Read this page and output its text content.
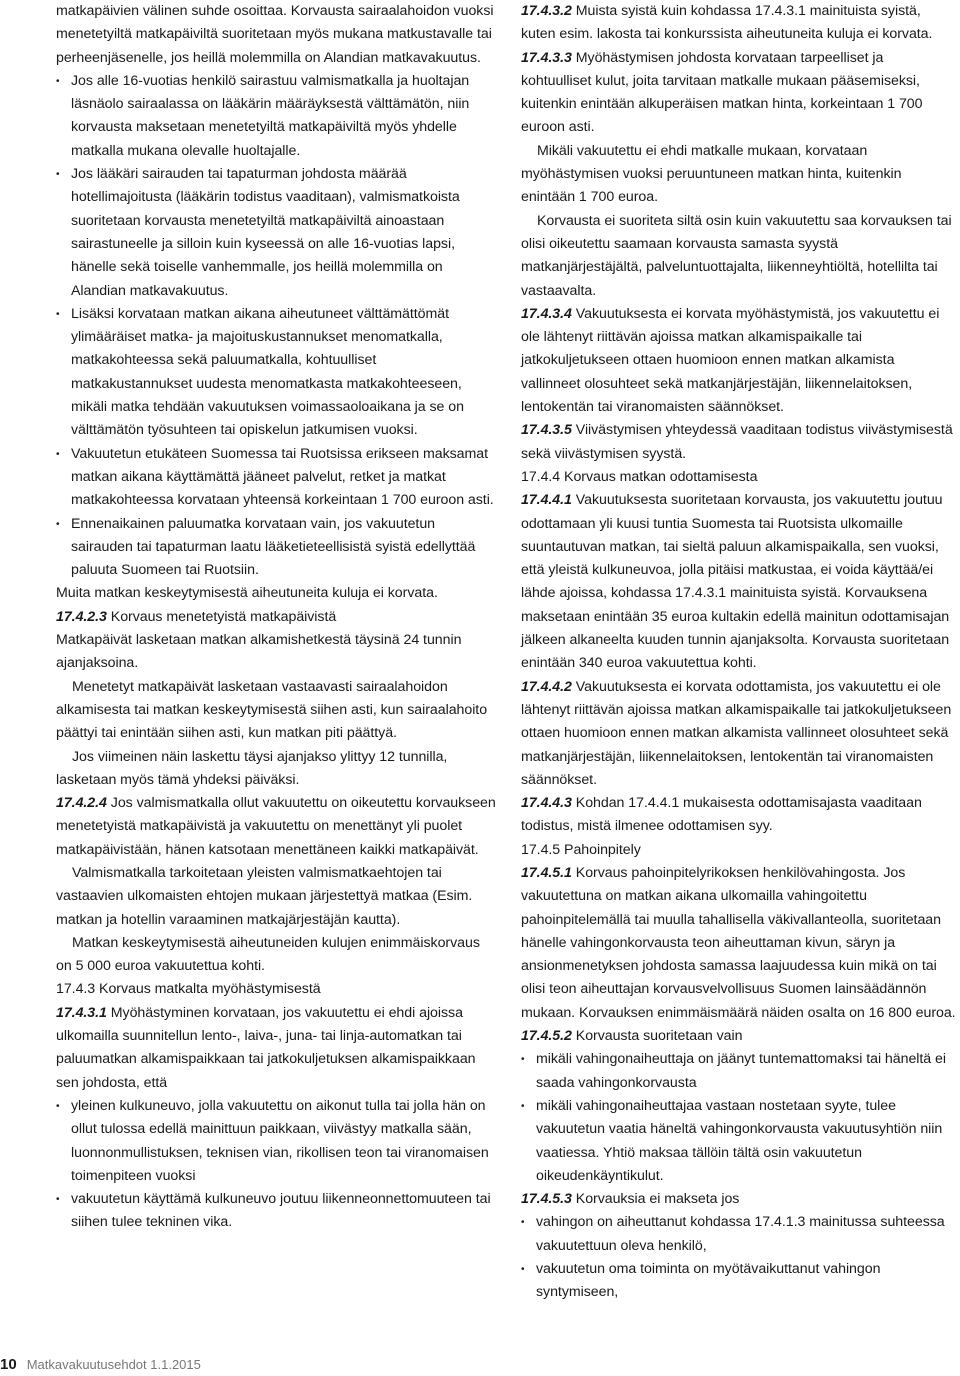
matkapäivien välinen suhde osoittaa. Korvausta sairaalahoidon vuoksi menetetyiltä matkapäiviltä suoritetaan myös mukana matkustavalle tai perheenjäsenelle, jos heillä molemmilla on Alandian matkavakuutus.

• Jos alle 16-vuotias henkilö sairastuu valmismatkalla ja huoltajan läsnäolo sairaalassa on lääkärin määräyksestä välttämätön, niin korvausta maksetaan menetetyiltä matkapäiviltä myös yhdelle matkalla mukana olevalle huoltajalle.
• Jos lääkäri sairauden tai tapaturman johdosta määrää hotellimajoitusta (lääkärin todistus vaaditaan), valmismatkoista suoritetaan korvausta menetetyiltä matkapäiviltä ainoastaan sairastuneelle ja silloin kuin kyseessä on alle 16-vuotias lapsi, hänelle sekä toiselle vanhemmalle, jos heillä molemmilla on Alandian matkavakuutus.
• Lisäksi korvataan matkan aikana aiheutuneet välttämättömät ylimääräiset matka- ja majoituskustannukset menomatkalla, matkakohteessa sekä paluumatkalla, kohtuulliset matkakustannukset uudesta menomatkasta matkakohteeseen, mikäli matka tehdään vakuutuksen voimassaoloaikana ja se on välttämätön työsuhteen tai opiskelun jatkumisen vuoksi.
• Vakuutetun etukäteen Suomessa tai Ruotsissa erikseen maksamat matkan aikana käyttämättä jääneet palvelut, retket ja matkat matkakohteessa korvataan yhteensä korkeintaan 1 700 euroon asti.
• Ennenaikainen paluumatka korvataan vain, jos vakuutetun sairauden tai tapaturman laatu lääketieteellisistä syistä edellyttää paluuta Suomeen tai Ruotsiin.

Muita matkan keskeytymisestä aiheutuneita kuluja ei korvata.

17.4.2.3 Korvaus menetetyistä matkapäivistä

Matkapäivät lasketaan matkan alkamishetkestä täysinä 24 tunnin ajanjaksoina.

Menetetyt matkapäivät lasketaan vastaavasti sairaalahoidon alkamisesta tai matkan keskeytymisestä siihen asti, kun sairaalahoito päättyi tai enintään siihen asti, kun matkan piti päättyä.

Jos viimeinen näin laskettu täysi ajanjakso ylittyy 12 tunnilla, lasketaan myös tämä yhdeksi päiväksi.

17.4.2.4 Jos valmismatkalla ollut vakuutettu on oikeutettu korvaukseen menetetyistä matkapäivistä ja vakuutettu on menettänyt yli puolet matkapäivistään, hänen katsotaan menettäneen kaikki matkapäivät.

Valmismatkalla tarkoitetaan yleisten valmismatkaehtojen tai vastaavien ulkomaisten ehtojen mukaan järjestettyä matkaa (Esim. matkan ja hotellin varaaminen matkajärjestäjän kautta).

Matkan keskeytymisestä aiheutuneiden kulujen enimmäiskorvaus on 5 000 euroa vakuutettua kohti.

17.4.3 Korvaus matkalta myöhästymisestä

17.4.3.1 Myöhästyminen korvataan, jos vakuutettu ei ehdi ajoissa ulkomailla suunnitellun lento-, laiva-, juna- tai linja-automatkan tai paluumatkan alkamispaikkaan tai jatkokuljetuksen alkamispaikkaan sen johdosta, että

• yleinen kulkuneuvo, jolla vakuutettu on aikonut tulla tai jolla hän on ollut tulossa edellä mainittuun paikkaan, viivästyy matkalla sään, luonnonmullistuksen, teknisen vian, rikollisen teon tai viranomaisen toimenpiteen vuoksi
• vakuutetun käyttämä kulkuneuvo joutuu liikenneonnettomuuteen tai siihen tulee tekninen vika.

17.4.3.2 Muista syistä kuin kohdassa 17.4.3.1 mainituista syistä, kuten esim. lakosta tai konkurssista aiheutuneita kuluja ei korvata.

17.4.3.3 Myöhästymisen johdosta korvataan tarpeelliset ja kohtuulliset kulut, joita tarvitaan matkalle mukaan pääsemiseksi, kuitenkin enintään alkuperäisen matkan hinta, korkeintaan 1 700 euroon asti.

Mikäli vakuutettu ei ehdi matkalle mukaan, korvataan myöhästymisen vuoksi peruuntuneen matkan hinta, kuitenkin enintään 1 700 euroa.

Korvausta ei suoriteta siltä osin kuin vakuutettu saa korvauksen tai olisi oikeutettu saamaan korvausta samasta syystä matkanjärjestäjältä, palveluntuottajalta, liikenneyhtiöltä, hotellilta tai vastaavalta.

17.4.3.4 Vakuutuksesta ei korvata myöhästymistä, jos vakuutettu ei ole lähtenyt riittävän ajoissa matkan alkamispaikalle tai jatkokuljetukseen ottaen huomioon ennen matkan alkamista vallinneet olosuhteet sekä matkanjärjestäjän, liikennelaitoksen, lentokentän tai viranomaisten säännökset.

17.4.3.5 Viivästymisen yhteydessä vaaditaan todistus viivästymisestä sekä viivästymisen syystä.

17.4.4 Korvaus matkan odottamisesta

17.4.4.1 Vakuutuksesta suoritetaan korvausta, jos vakuutettu joutuu odottamaan yli kuusi tuntia Suomesta tai Ruotsista ulkomaille suuntautuvan matkan, tai sieltä paluun alkamispaikalla, sen vuoksi, että yleistä kulkuneuvoa, jolla pitäisi matkustaa, ei voida käyttää/ei lähde ajoissa, kohdassa 17.4.3.1 mainituista syistä. Korvauksena maksetaan enintään 35 euroa kultakin edellä mainitun odottamisajan jälkeen alkaneelta kuuden tunnin ajanjaksolta. Korvausta suoritetaan enintään 340 euroa vakuutettua kohti.

17.4.4.2 Vakuutuksesta ei korvata odottamista, jos vakuutettu ei ole lähtenyt riittävän ajoissa matkan alkamispaikalle tai jatkokuljetukseen ottaen huomioon ennen matkan alkamista vallinneet olosuhteet sekä matkanjärjestäjän, liikennelaitoksen, lentokentän tai viranomaisten säännökset.

17.4.4.3 Kohdan 17.4.4.1 mukaisesta odottamisajasta vaaditaan todistus, mistä ilmenee odottamisen syy.

17.4.5 Pahoinpitely

17.4.5.1 Korvaus pahoinpitelyrikoksen henkilövahingosta. Jos vakuutettuna on matkan aikana ulkomailla vahingoitettu pahoinpitelemällä tai muulla tahallisella väkivallanteolla, suoritetaan hänelle vahingonkorvausta teon aiheuttaman kivun, säryn ja ansionmenetyksen johdosta samassa laajuudessa kuin mikä on tai olisi teon aiheuttajan korvausvelvollisuus Suomen lainsäädännön mukaan. Korvauksen enimmäismäärä näiden osalta on 16 800 euroa.

17.4.5.2 Korvausta suoritetaan vain

• mikäli vahingonaiheuttaja on jäänyt tuntemattomaksi tai häneltä ei saada vahingonkorvausta
• mikäli vahingonaiheuttajaa vastaan nostetaan syyte, tulee vakuutetun vaatia häneltä vahingonkorvausta vakuutusyhtiön niin vaatiessa. Yhtiö maksaa tällöin tältä osin vakuutetun oikeudenkäyntikulut.

17.4.5.3 Korvauksia ei makseta jos

• vahingon on aiheuttanut kohdassa 17.4.1.3 mainitussa suhteessa vakuutettuun oleva henkilö,
• vakuutetun oma toiminta on myötävaikuttanut vahingon syntymiseen,
10 Matkavakuutusehdot 1.1.2015
